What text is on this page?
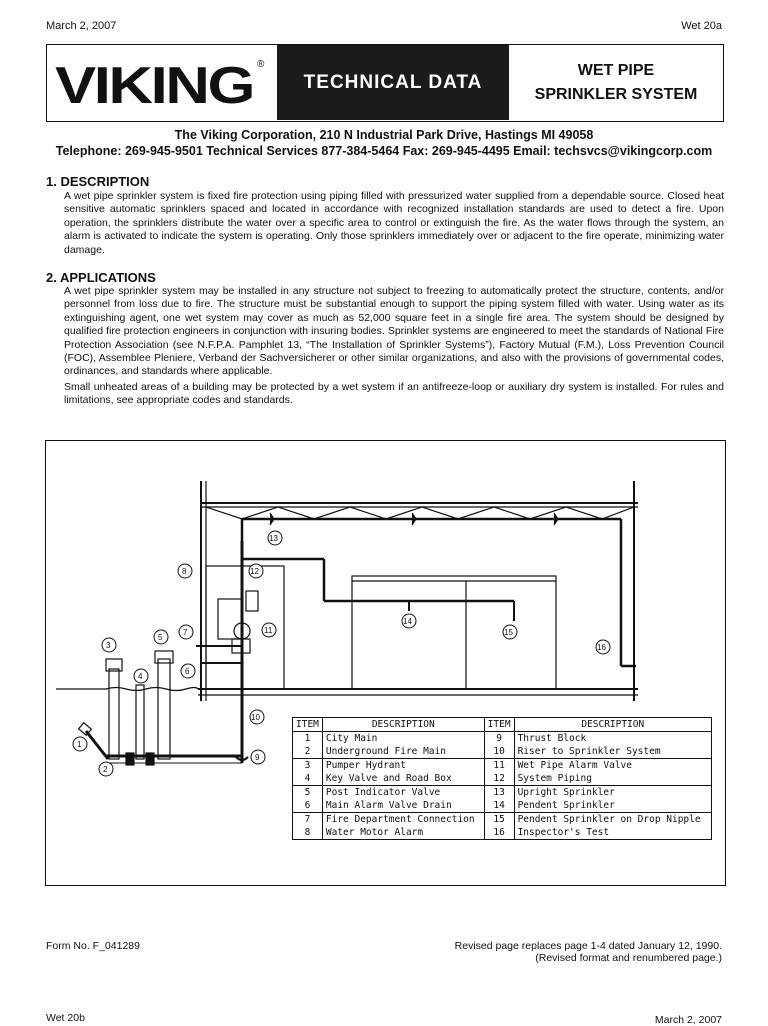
March 2, 2007	Wet 20a
VIKING ®
TECHNICAL DATA
WET PIPE
SPRINKLER SYSTEM
The Viking Corporation, 210 N Industrial Park Drive, Hastings MI 49058
Telephone: 269-945-9501 Technical Services 877-384-5464 Fax: 269-945-4495 Email: techsvcs@vikingcorp.com
1. DESCRIPTION
A wet pipe sprinkler system is fixed fire protection using piping filled with pressurized water supplied from a dependable source. Closed heat sensitive automatic sprinklers spaced and located in accordance with recognized installation standards are used to detect a fire. Upon operation, the sprinklers distribute the water over a specific area to control or extinguish the fire. As the water flows through the system, an alarm is activated to indicate the system is operating. Only those sprinklers immediately over or adjacent to the fire operate, minimizing water damage.
2. APPLICATIONS
A wet pipe sprinkler system may be installed in any structure not subject to freezing to automatically protect the structure, contents, and/or personnel from loss due to fire. The structure must be substantial enough to support the piping system filled with water. Using water as its extinguishing agent, one wet system may cover as much as 52,000 square feet in a single fire area. The system should be designed by qualified fire protection engineers in conjunction with insuring bodies. Sprinkler systems are engineered to meet the standards of National Fire Protection Association (see N.F.P.A. Pamphlet 13, “The Installation of Sprinkler Systems”), Factory Mutual (F.M.), Loss Prevention Council (FOC), Assemblee Pleniere, Verband der Sachversicherer or other similar organizations, and also with the provisions of governmental codes, ordinances, and standards where applicable.
Small unheated areas of a building may be protected by a wet system if an antifreeze-loop or auxiliary dry system is installed. For rules and limitations, see appropriate codes and standards.
1
2
3
4
5
6
7
8
9
10
11
12
13
14
15
16
ITEM	DESCRIPTION	ITEM	DESCRIPTION
1	City Main	9	Thrust Block
2	Underground Fire Main	10	Riser to Sprinkler System
3	Pumper Hydrant	11	Wet Pipe Alarm Valve
4	Key Valve and Road Box	12	System Piping
5	Post Indicator Valve	13	Upright Sprinkler
6	Main Alarm Valve Drain	14	Pendent Sprinkler
7	Fire Department Connection	15	Pendent Sprinkler on Drop Nipple
8	Water Motor Alarm	16	Inspector's Test
Form No. F_041289	Revised page replaces page 1-4 dated January 12, 1990.
(Revised format and renumbered page.)
Wet 20b	March 2, 2007
